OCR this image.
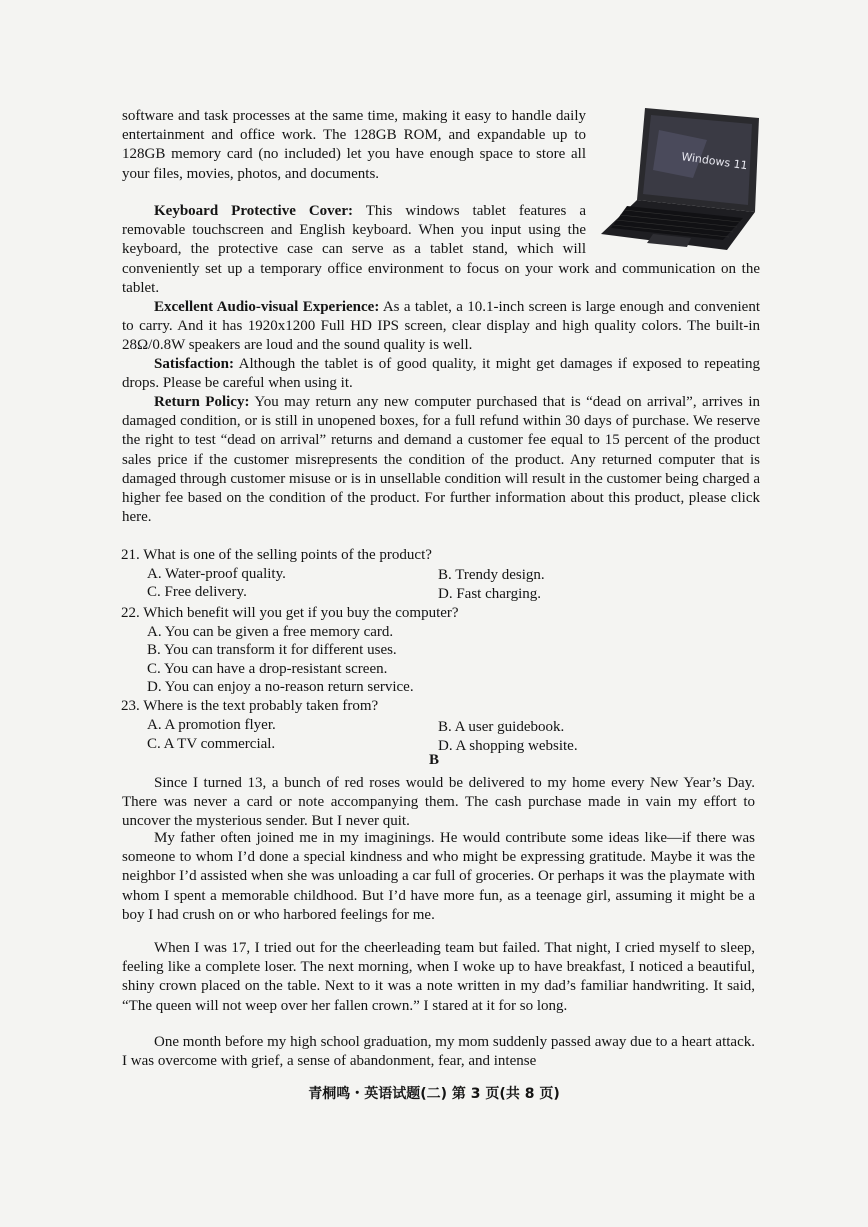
Windows 11

software and task processes at the same time, making it easy to handle daily entertainment and office work. The 128GB ROM, and expandable up to 128GB memory card (no included) let you have enough space to store all your files, movies, photos, and documents.

Keyboard Protective Cover: This windows tablet features a removable touchscreen and English keyboard. When you input using the keyboard, the protective case can serve as a tablet stand, which will conveniently set up a temporary office environment to focus on your work and communication on the tablet.

Excellent Audio-visual Experience: As a tablet, a 10.1-inch screen is large enough and convenient to carry. And it has 1920x1200 Full HD IPS screen, clear display and high quality colors. The built-in 28Ω/0.8W speakers are loud and the sound quality is well.

Satisfaction: Although the tablet is of good quality, it might get damages if exposed to repeating drops. Please be careful when using it.

Return Policy: You may return any new computer purchased that is “dead on arrival”, arrives in damaged condition, or is still in unopened boxes, for a full refund within 30 days of purchase. We reserve the right to test “dead on arrival” returns and demand a customer fee equal to 15 percent of the product sales price if the customer misrepresents the condition of the product. Any returned computer that is damaged through customer misuse or is in unsellable condition will result in the customer being charged a higher fee based on the condition of the product. For further information about this product, please click here.

21. What is one of the selling points of the product?
A. Water-proof quality.	B. Trendy design.
C. Free delivery.	D. Fast charging.
22. Which benefit will you get if you buy the computer?
A. You can be given a free memory card.
B. You can transform it for different uses.
C. You can have a drop-resistant screen.
D. You can enjoy a no-reason return service.
23. Where is the text probably taken from?
A. A promotion flyer.	B. A user guidebook.
C. A TV commercial.	D. A shopping website.
B
Since I turned 13, a bunch of red roses would be delivered to my home every New Year’s Day. There was never a card or note accompanying them. The cash purchase made in vain my effort to uncover the mysterious sender. But I never quit.
My father often joined me in my imaginings. He would contribute some ideas like—if there was someone to whom I’d done a special kindness and who might be expressing gratitude. Maybe it was the neighbor I’d assisted when she was unloading a car full of groceries. Or perhaps it was the playmate with whom I spent a memorable childhood. But I’d have more fun, as a teenage girl, assuming it might be a boy I had crush on or who harbored feelings for me.
When I was 17, I tried out for the cheerleading team but failed. That night, I cried myself to sleep, feeling like a complete loser. The next morning, when I woke up to have breakfast, I noticed a beautiful, shiny crown placed on the table. Next to it was a note written in my dad’s familiar handwriting. It said, “The queen will not weep over her fallen crown.” I stared at it for so long.
One month before my high school graduation, my mom suddenly passed away due to a heart attack. I was overcome with grief, a sense of abandonment, fear, and intense
青桐鸣・英语试题(二) 第 3 页(共 8 页)
